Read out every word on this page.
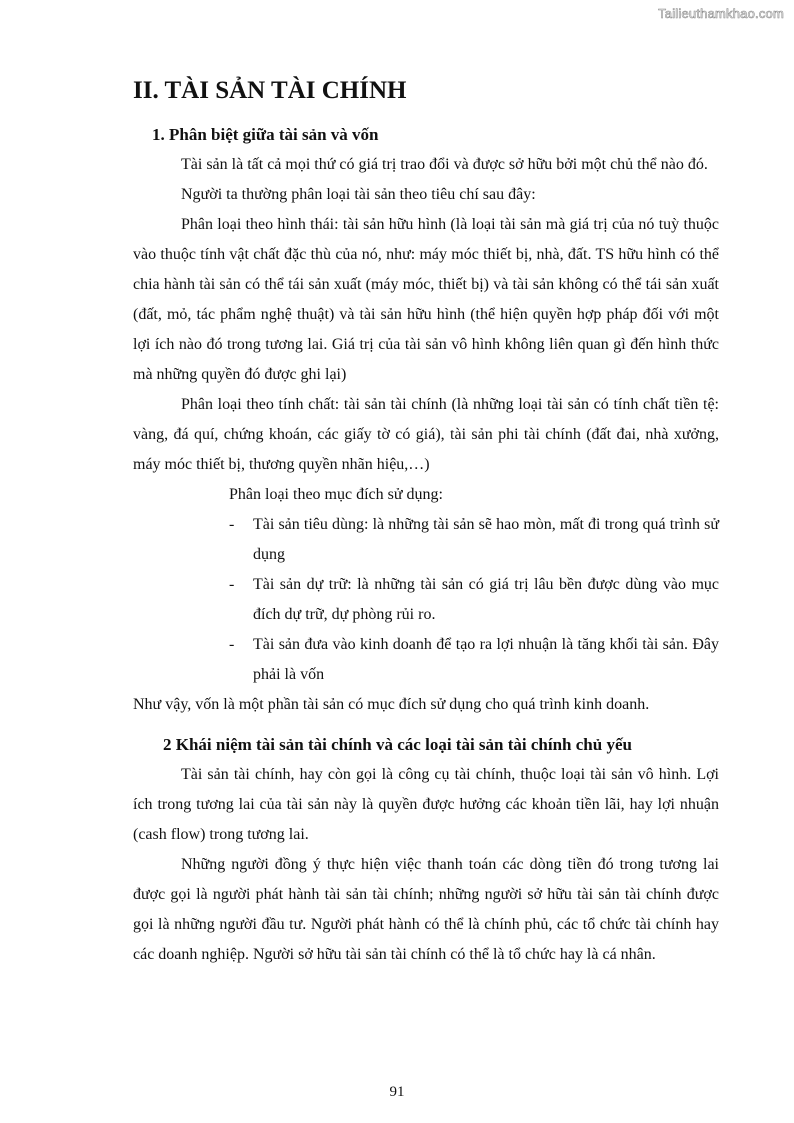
Tailieuthamkhao.com
II. TÀI SẢN TÀI CHÍNH
1. Phân biệt giữa tài sản và vốn

Tài sản là tất cả mọi thứ có giá trị trao đổi và được sở hữu bởi một chủ thể nào đó.

Người ta thường phân loại tài sản theo tiêu chí sau đây:

Phân loại theo hình thái: tài sản hữu hình (là loại tài sản mà giá trị của nó tuỳ thuộc vào thuộc tính vật chất đặc thù của nó, như: máy móc thiết bị, nhà, đất. TS hữu hình có thể chia hành tài sản có thể tái sản xuất (máy móc, thiết bị) và tài sản không có thể tái sản xuất (đất, mỏ, tác phẩm nghệ thuật) và tài sản hữu hình (thể hiện quyền hợp pháp đối với một lợi ích nào đó trong tương lai. Giá trị của tài sản vô hình không liên quan gì đến hình thức mà những quyền đó được ghi lại)

Phân loại theo tính chất: tài sản tài chính (là những loại tài sản có tính chất tiền tệ: vàng, đá quí, chứng khoán, các giấy tờ có giá), tài sản phi tài chính (đất đai, nhà xưởng, máy móc thiết bị, thương quyền nhãn hiệu,…)

Phân loại theo mục đích sử dụng:

- Tài sản tiêu dùng: là những tài sản sẽ hao mòn, mất đi trong quá trình sử dụng
- Tài sản dự trữ: là những tài sản có giá trị lâu bền được dùng vào mục đích dự trữ, dự phòng rủi ro.
- Tài sản đưa vào kinh doanh để tạo ra lợi nhuận là tăng khối tài sản. Đây phải là vốn

Như vậy, vốn là một phần tài sản có mục đích sử dụng cho quá trình kinh doanh.

2 Khái niệm tài sản tài chính và các loại tài sản tài chính chủ yếu

Tài sản tài chính, hay còn gọi là công cụ tài chính, thuộc loại tài sản vô hình. Lợi ích trong tương lai của tài sản này là quyền được hưởng các khoản tiền lãi, hay lợi nhuận (cash flow) trong tương lai.

Những người đồng ý thực hiện việc thanh toán các dòng tiền đó trong tương lai được gọi là người phát hành tài sản tài chính; những người sở hữu tài sản tài chính được gọi là những người đầu tư. Người phát hành có thể là chính phủ, các tổ chức tài chính hay các doanh nghiệp. Người sở hữu tài sản tài chính có thể là tổ chức hay là cá nhân.

91
